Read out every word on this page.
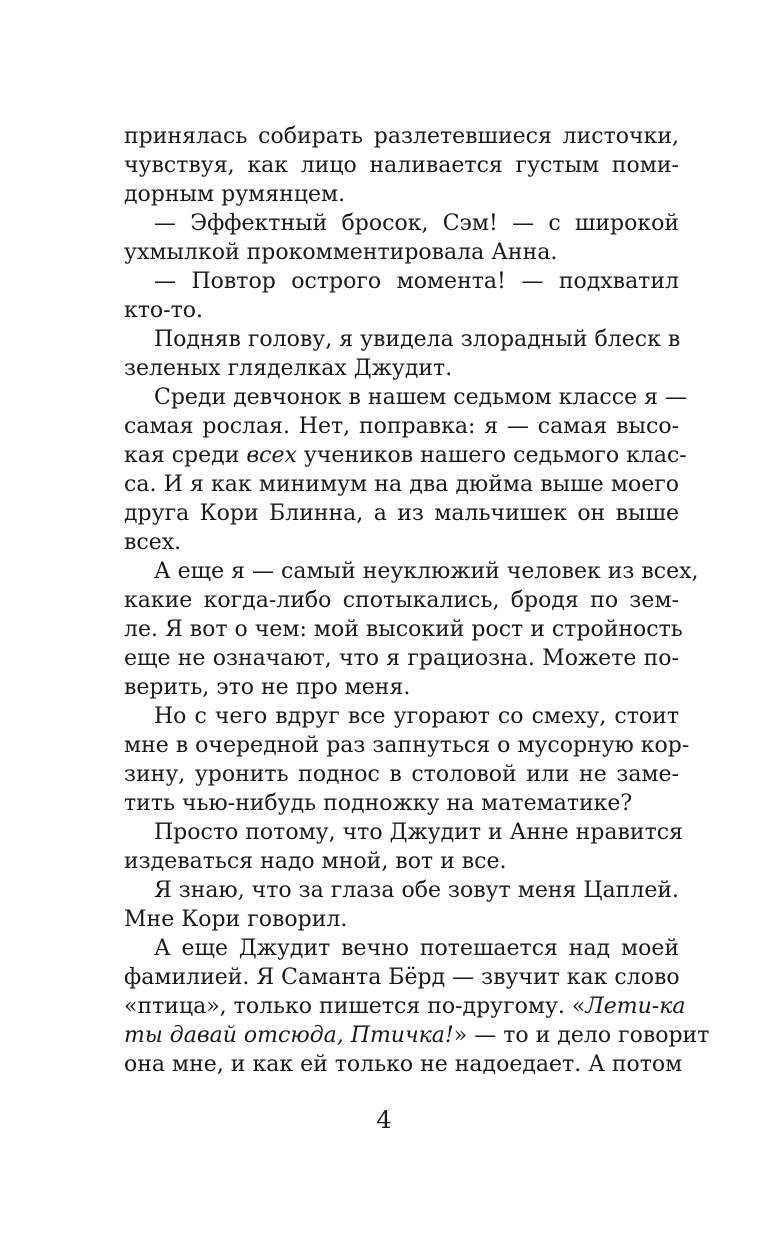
принялась собирать разлетевшиеся листочки,
чувствуя, как лицо наливается густым поми-
дорным румянцем.
— Эффектный бросок, Сэм! — с широкой
ухмылкой прокомментировала Анна.
— Повтор острого момента! — подхватил
кто-то.
Подняв голову, я увидела злорадный блеск в
зеленых гляделках Джудит.
Среди девчонок в нашем седьмом классе я —
самая рослая. Нет, поправка: я — самая высо-
кая среди всех учеников нашего седьмого клас-
са. И я как минимум на два дюйма выше моего
друга Кори Блинна, а из мальчишек он выше
всех.
А еще я — самый неуклюжий человек из всех,
какие когда-либо спотыкались, бродя по зем-
ле. Я вот о чем: мой высокий рост и стройность
еще не означают, что я грациозна. Можете по-
верить, это не про меня.
Но с чего вдруг все угорают со смеху, стоит
мне в очередной раз запнуться о мусорную кор-
зину, уронить поднос в столовой или не заме-
тить чью-нибудь подножку на математике?
Просто потому, что Джудит и Анне нравится
издеваться надо мной, вот и все.
Я знаю, что за глаза обе зовут меня Цаплей.
Мне Кори говорил.
А еще Джудит вечно потешается над моей
фамилией. Я Саманта Бёрд — звучит как слово
«птица», только пишется по-другому. «Лети-ка
ты давай отсюда, Птичка!» — то и дело говорит
она мне, и как ей только не надоедает. А потом
4
